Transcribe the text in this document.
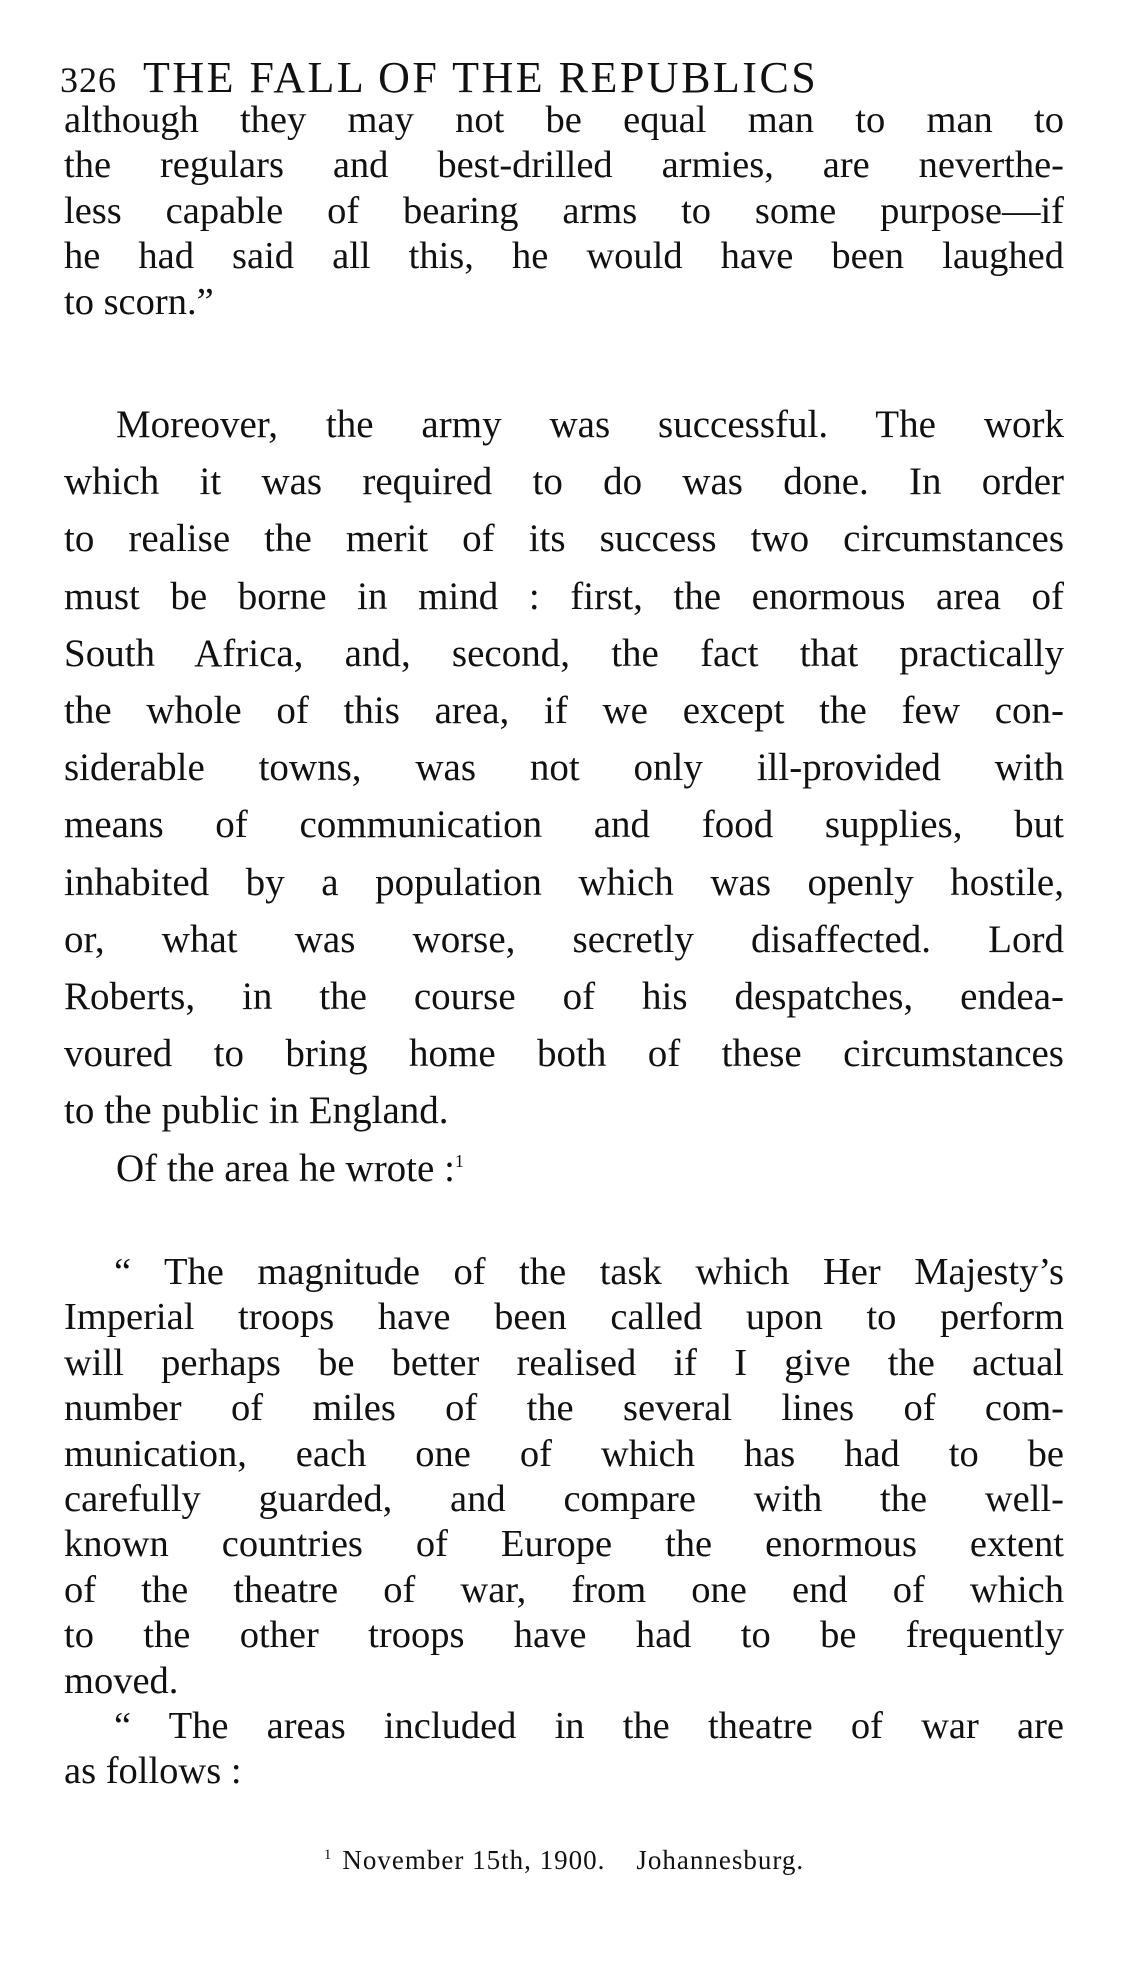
326 THE FALL OF THE REPUBLICS
although they may not be equal man to man to
the regulars and best-drilled armies, are neverthe-
less capable of bearing arms to some purpose—if
he had said all this, he would have been laughed
to scorn.”
Moreover, the army was successful. The work
which it was required to do was done. In order
to realise the merit of its success two circumstances
must be borne in mind : first, the enormous area of
South Africa, and, second, the fact that practically
the whole of this area, if we except the few con-
siderable towns, was not only ill-provided with
means of communication and food supplies, but
inhabited by a population which was openly hostile,
or, what was worse, secretly disaffected. Lord
Roberts, in the course of his despatches, endea-
voured to bring home both of these circumstances
to the public in England.
Of the area he wrote :$^1$
“ The magnitude of the task which Her Majesty’s
Imperial troops have been called upon to perform
will perhaps be better realised if I give the actual
number of miles of the several lines of com-
munication, each one of which has had to be
carefully guarded, and compare with the well-
known countries of Europe the enormous extent
of the theatre of war, from one end of which
to the other troops have had to be frequently
moved.
“ The areas included in the theatre of war are
as follows :
$^1$ November 15th, 1900.    Johannesburg.
